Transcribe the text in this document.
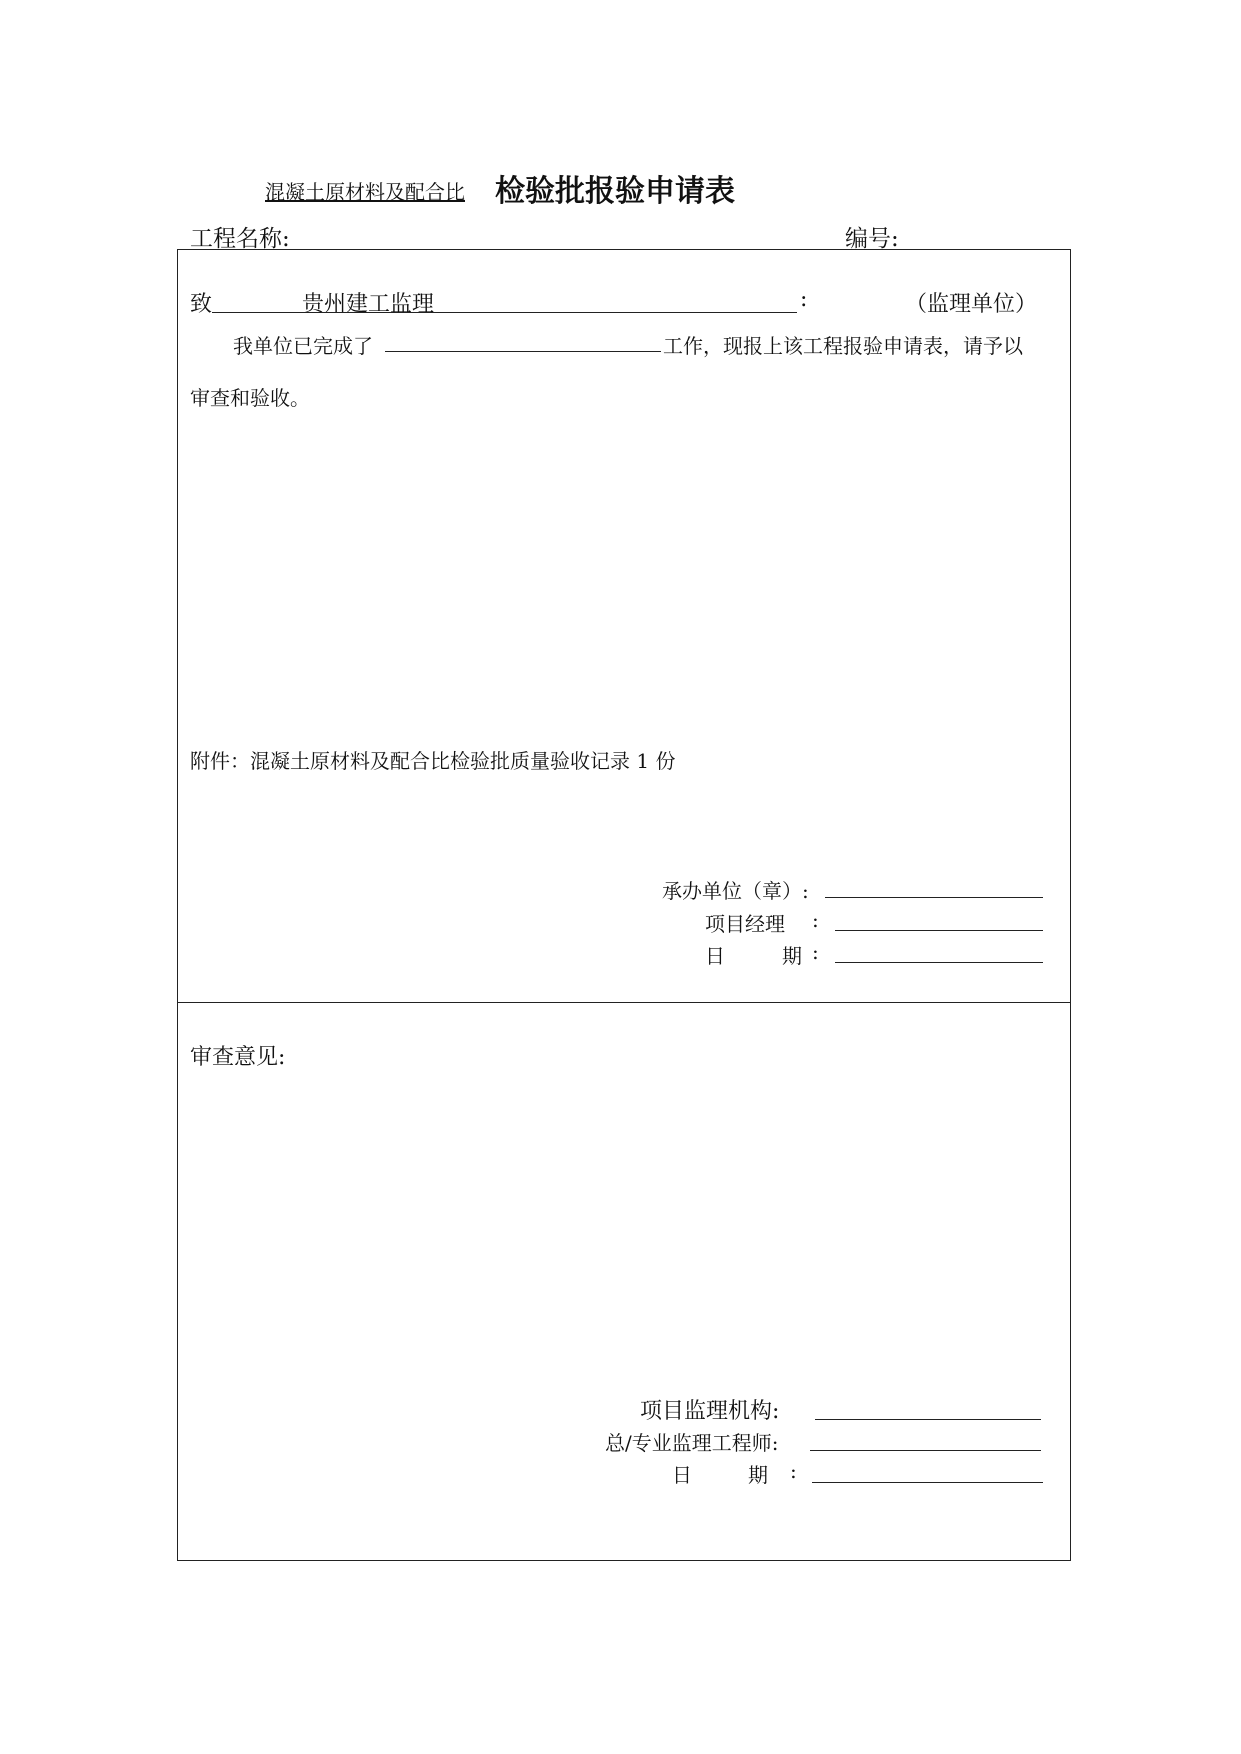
混凝土原材料及配合比 检验批报验申请表
工程名称:	编号:
致	贵州建工监理	:	（监理单位）
我单位已完成了	工作，现报上该工程报验申请表，请予以
审查和验收。
附件：混凝土原材料及配合比检验批质量验收记录 1 份
承办单位（章）:
项目经理 :
日	期 :
审查意见:
项目监理机构:
总/专业监理工程师:
日	期 :
